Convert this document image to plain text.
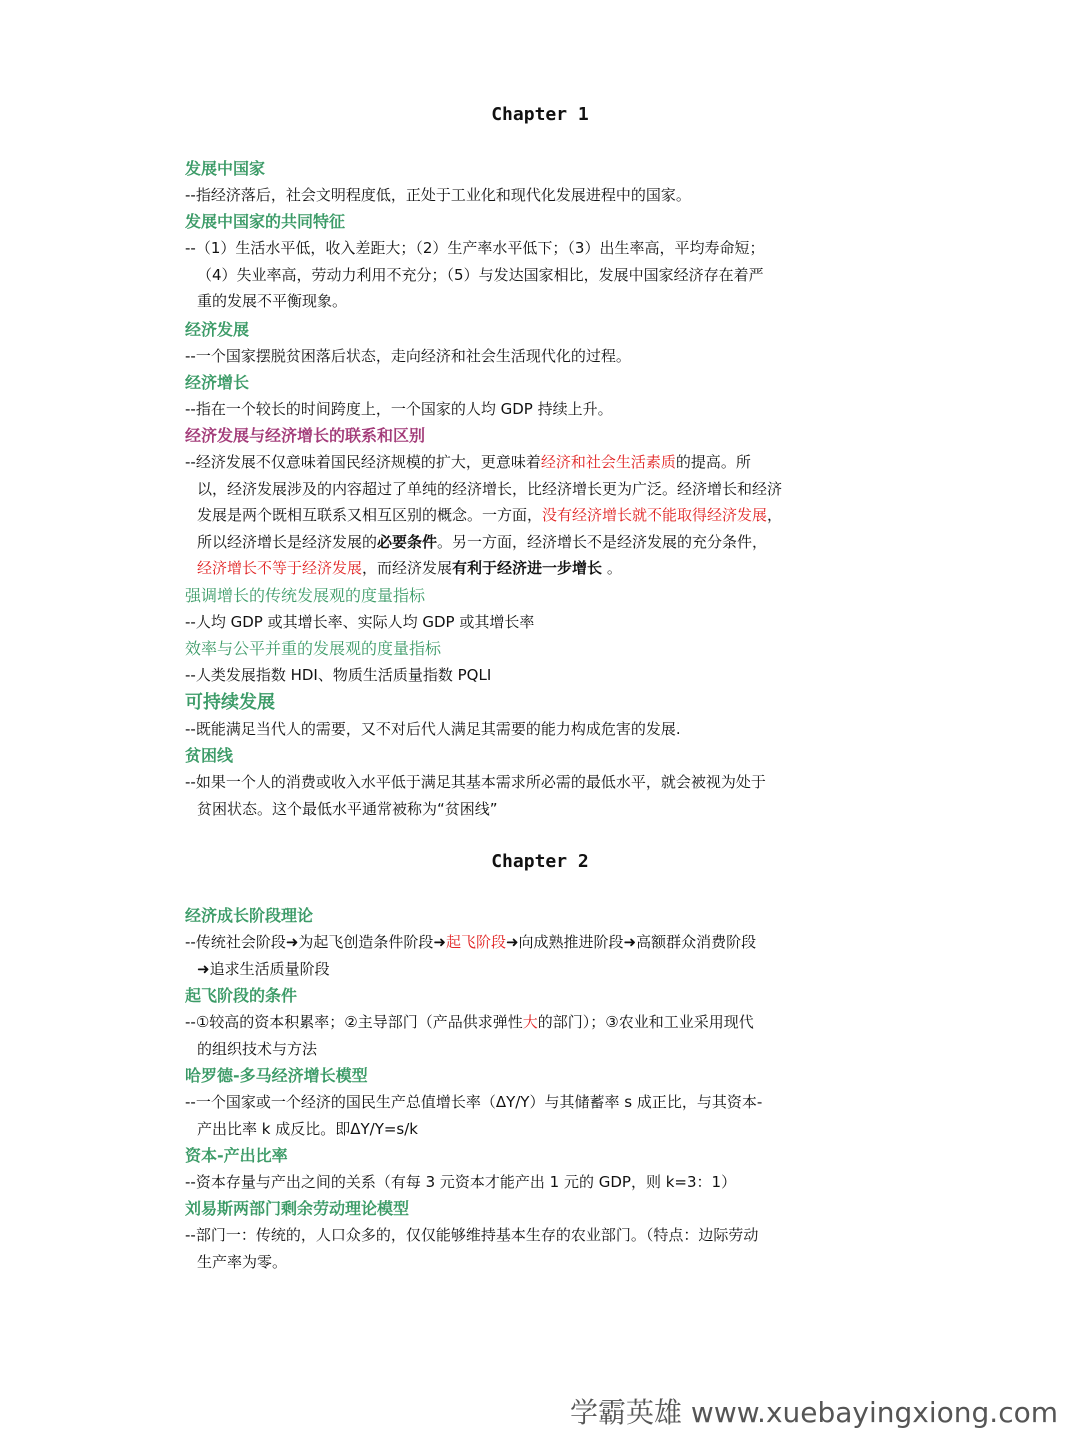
Chapter 1
发展中国家
--指经济落后，社会文明程度低，正处于工业化和现代化发展进程中的国家。
发展中国家的共同特征
--（1）生活水平低，收入差距大；（2）生产率水平低下；（3）出生率高，平均寿命短；
（4）失业率高，劳动力利用不充分；（5）与发达国家相比，发展中国家经济存在着严
重的发展不平衡现象。
经济发展
--一个国家摆脱贫困落后状态，走向经济和社会生活现代化的过程。
经济增长
--指在一个较长的时间跨度上，一个国家的人均 GDP 持续上升。
经济发展与经济增长的联系和区别
--经济发展不仅意味着国民经济规模的扩大，更意味着经济和社会生活素质的提高。所
以，经济发展涉及的内容超过了单纯的经济增长，比经济增长更为广泛。经济增长和经济
发展是两个既相互联系又相互区别的概念。一方面，没有经济增长就不能取得经济发展，
所以经济增长是经济发展的必要条件。另一方面，经济增长不是经济发展的充分条件，
经济增长不等于经济发展，而经济发展有利于经济进一步增长 。
强调增长的传统发展观的度量指标
--人均 GDP 或其增长率、实际人均 GDP 或其增长率
效率与公平并重的发展观的度量指标
--人类发展指数 HDI、物质生活质量指数 PQLI
可持续发展
--既能满足当代人的需要，又不对后代人满足其需要的能力构成危害的发展.
贫困线
--如果一个人的消费或收入水平低于满足其基本需求所必需的最低水平，就会被视为处于
贫困状态。这个最低水平通常被称为“贫困线”
Chapter 2
经济成长阶段理论
--传统社会阶段➜为起飞创造条件阶段➜起飞阶段➜向成熟推进阶段➜高额群众消费阶段
➜追求生活质量阶段
起飞阶段的条件
--①较高的资本积累率；②主导部门（产品供求弹性大的部门）；③农业和工业采用现代
的组织技术与方法
哈罗德-多马经济增长模型
--一个国家或一个经济的国民生产总值增长率（ΔY/Y）与其储蓄率 s 成正比，与其资本-
产出比率 k 成反比。即ΔY/Y=s/k
资本-产出比率
--资本存量与产出之间的关系（有每 3 元资本才能产出 1 元的 GDP，则 k=3：1）
刘易斯两部门剩余劳动理论模型
--部门一：传统的，人口众多的，仅仅能够维持基本生存的农业部门。（特点：边际劳动
生产率为零。
学霸英雄 www.xuebayingxiong.com
